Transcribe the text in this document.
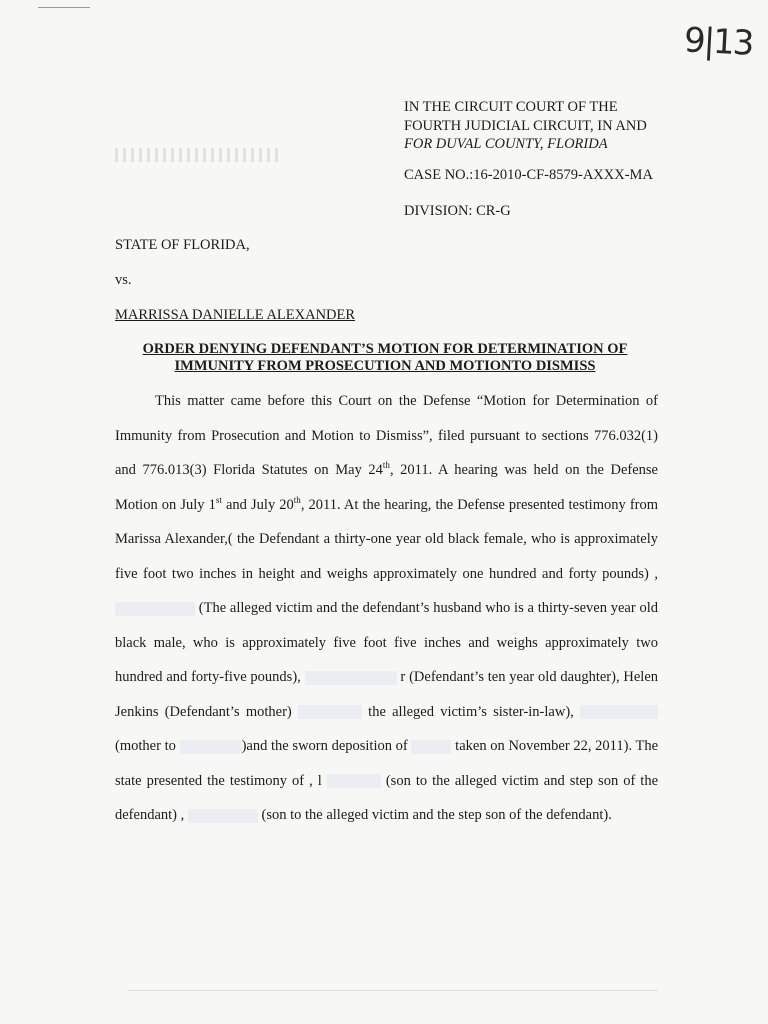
9|13
IN THE CIRCUIT COURT OF THE
FOURTH JUDICIAL CIRCUIT, IN AND
FOR DUVAL COUNTY, FLORIDA
CASE NO.:16-2010-CF-8579-AXXX-MA
DIVISION: CR-G
STATE OF FLORIDA,
vs.
MARRISSA DANIELLE ALEXANDER
ORDER DENYING DEFENDANT’S MOTION FOR DETERMINATION OF
IMMUNITY FROM PROSECUTION AND MOTIONTO DISMISS

This matter came before this Court on the Defense “Motion for Determination of Immunity from Prosecution and Motion to Dismiss”, filed pursuant to sections 776.032(1) and 776.013(3) Florida Statutes on May 24th, 2011. A hearing was held on the Defense Motion on July 1st and July 20th, 2011. At the hearing, the Defense presented testimony from Marissa Alexander,( the Defendant a thirty-one year old black female, who is approximately five foot two inches in height and weighs approximately one hundred and forty pounds) ,  (The alleged victim and the defendant’s husband who is a thirty-seven year old black male, who is approximately five foot five inches and weighs approximately two hundred and forty-five pounds),	r (Defendant’s ten year old daughter), Helen Jenkins (Defendant’s mother)	the alleged victim’s sister-in-law),  (mother to	)and the sworn deposition of	taken on November 22, 2011). The state presented the testimony of , l	(son to the alleged victim and step son of the defendant) ,	(son to the alleged victim and the step son of the defendant).
